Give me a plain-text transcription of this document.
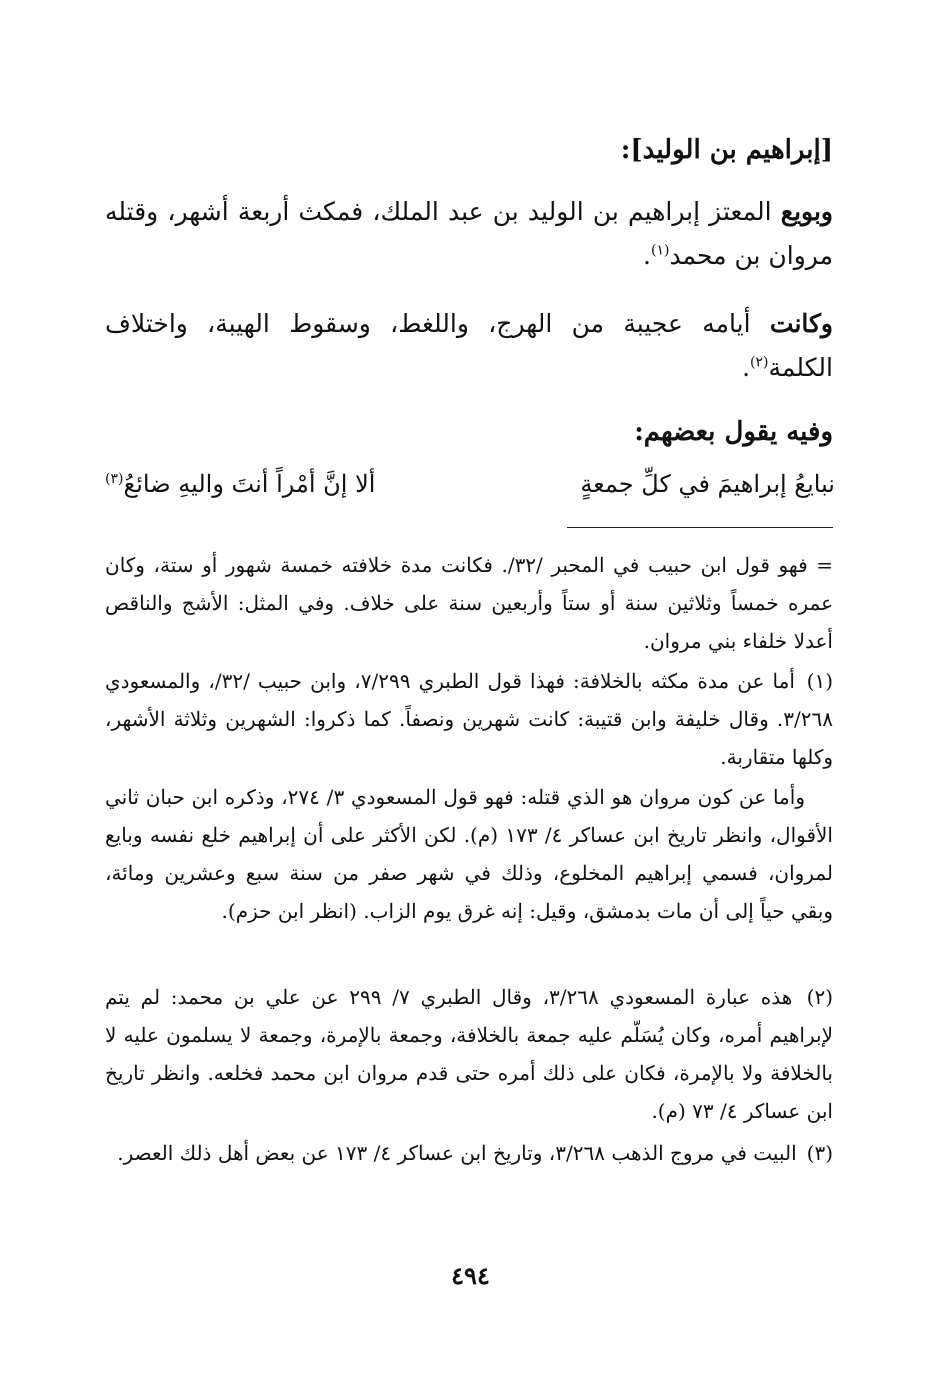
[إبراهيم بن الوليد]:
وبويع المعتز إبراهيم بن الوليد بن عبد الملك، فمكث أربعة أشهر، وقتله مروان بن محمد$^{(١)}$.
وكانت أيامه عجيبة من الهرج، واللغط، وسقوط الهيبة، واختلاف الكلمة$^{(٢)}$.
وفيه يقول بعضهم:
نبايعُ إبراهيمَ في كلِّ جمعةٍ
ألا إنَّ أمْراً أنتَ واليهِ ضائعُ$^{(٣)}$
= فهو قول ابن حبيب في المحبر /٣٢/. فكانت مدة خلافته خمسة شهور أو ستة، وكان عمره خمساً وثلاثين سنة أو ستاً وأربعين سنة على خلاف. وفي المثل: الأشج والناقص أعدلا خلفاء بني مروان.
(١) أما عن مدة مكثه بالخلافة: فهذا قول الطبري ٧/٢٩٩، وابن حبيب /٣٢/، والمسعودي ٣/٢٦٨. وقال خليفة وابن قتيبة: كانت شهرين ونصفاً. كما ذكروا: الشهرين وثلاثة الأشهر، وكلها متقاربة.
وأما عن كون مروان هو الذي قتله: فهو قول المسعودي ٣/ ٢٧٤، وذكره ابن حبان ثاني الأقوال، وانظر تاريخ ابن عساكر ٤/ ١٧٣ (م). لكن الأكثر على أن إبراهيم خلع نفسه وبايع لمروان، فسمي إبراهيم المخلوع، وذلك في شهر صفر من سنة سبع وعشرين ومائة، وبقي حياً إلى أن مات بدمشق، وقيل: إنه غرق يوم الزاب. (انظر ابن حزم).
(٢) هذه عبارة المسعودي ٣/٢٦٨، وقال الطبري ٧/ ٢٩٩ عن علي بن محمد: لم يتم لإبراهيم أمره، وكان يُسَلّم عليه جمعة بالخلافة، وجمعة بالإمرة، وجمعة لا يسلمون عليه لا بالخلافة ولا بالإمرة، فكان على ذلك أمره حتى قدم مروان ابن محمد فخلعه. وانظر تاريخ ابن عساكر ٤/ ٧٣ (م).
(٣) البيت في مروج الذهب ٣/٢٦٨، وتاريخ ابن عساكر ٤/ ١٧٣ عن بعض أهل ذلك العصر.
٤٩٤
